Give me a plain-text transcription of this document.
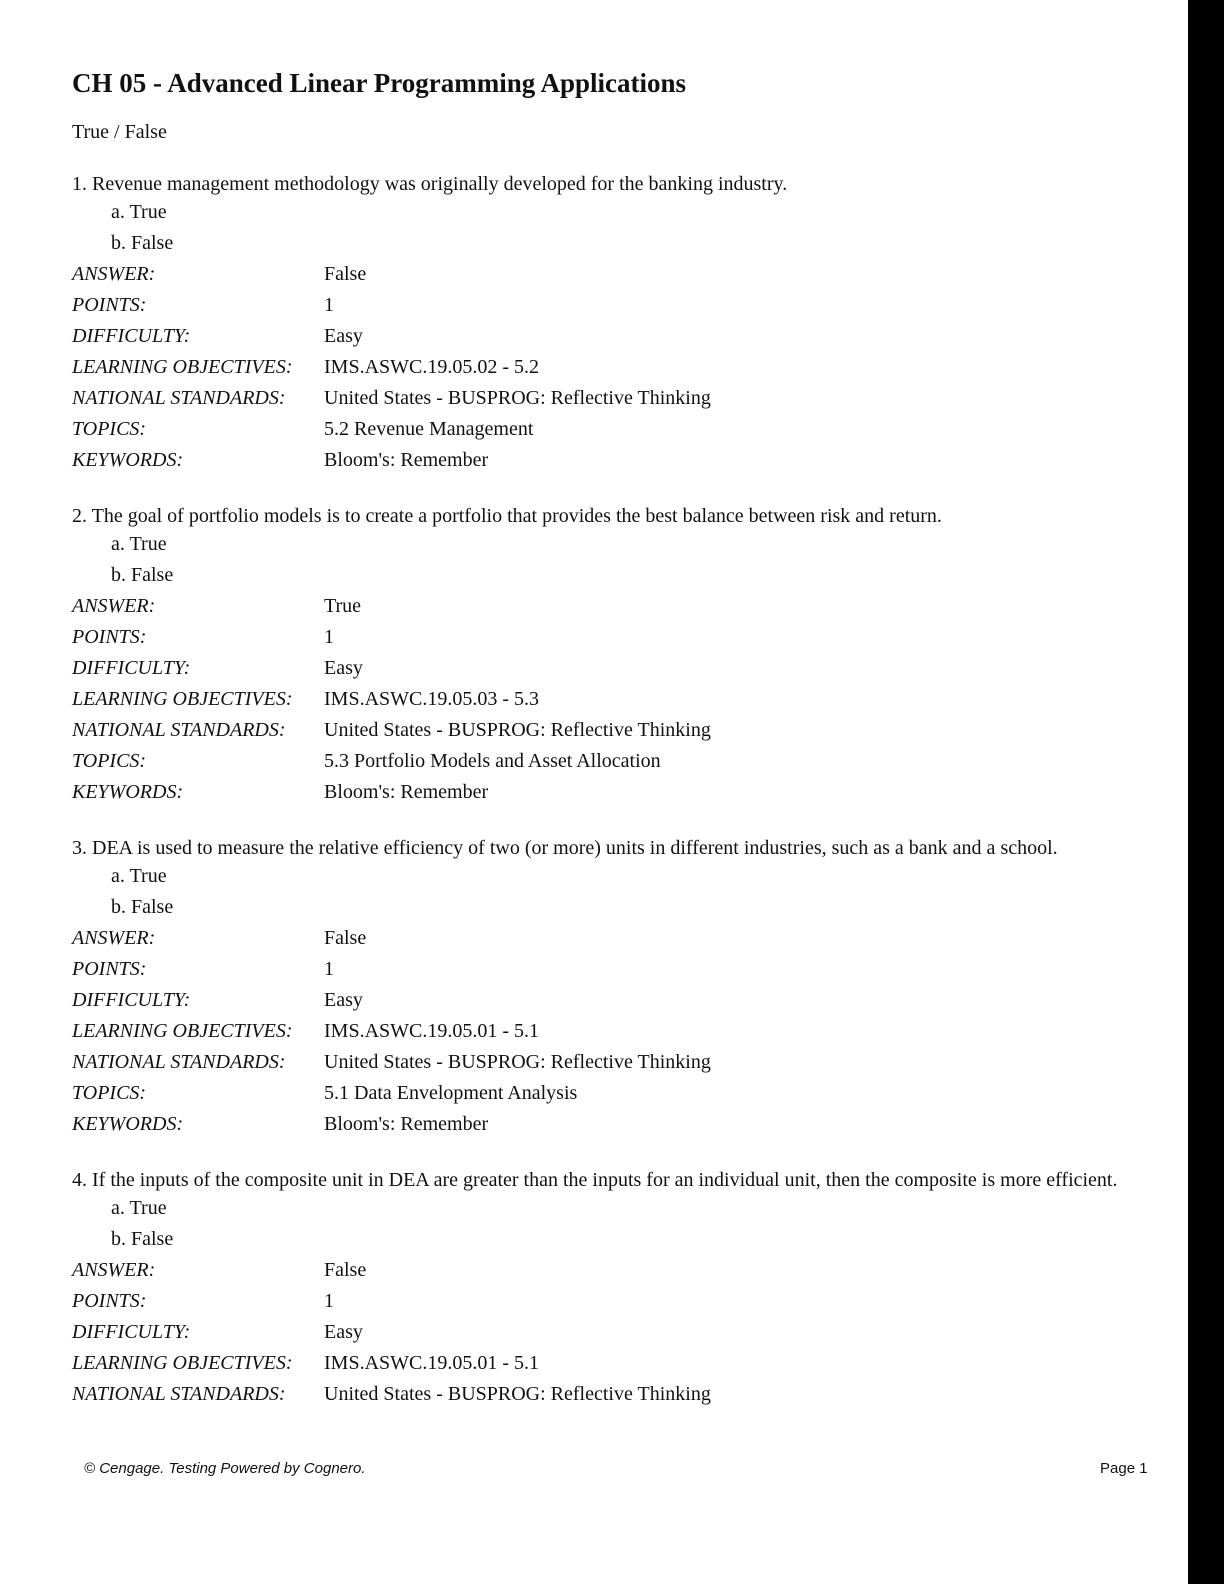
CH 05 - Advanced Linear Programming Applications
True / False
1. Revenue management methodology was originally developed for the banking industry.
a. True
b. False
ANSWER:	False
POINTS:	1
DIFFICULTY:	Easy
LEARNING OBJECTIVES:	IMS.ASWC.19.05.02 - 5.2
NATIONAL STANDARDS:	United States - BUSPROG: Reflective Thinking
TOPICS:	5.2 Revenue Management
KEYWORDS:	Bloom's: Remember
2. The goal of portfolio models is to create a portfolio that provides the best balance between risk and return.
a. True
b. False
ANSWER:	True
POINTS:	1
DIFFICULTY:	Easy
LEARNING OBJECTIVES:	IMS.ASWC.19.05.03 - 5.3
NATIONAL STANDARDS:	United States - BUSPROG: Reflective Thinking
TOPICS:	5.3 Portfolio Models and Asset Allocation
KEYWORDS:	Bloom's: Remember
3. DEA is used to measure the relative efficiency of two (or more) units in different industries, such as a bank and a school.
a. True
b. False
ANSWER:	False
POINTS:	1
DIFFICULTY:	Easy
LEARNING OBJECTIVES:	IMS.ASWC.19.05.01 - 5.1
NATIONAL STANDARDS:	United States - BUSPROG: Reflective Thinking
TOPICS:	5.1 Data Envelopment Analysis
KEYWORDS:	Bloom's: Remember
4. If the inputs of the composite unit in DEA are greater than the inputs for an individual unit, then the composite is more efficient.
a. True
b. False
ANSWER:	False
POINTS:	1
DIFFICULTY:	Easy
LEARNING OBJECTIVES:	IMS.ASWC.19.05.01 - 5.1
NATIONAL STANDARDS:	United States - BUSPROG: Reflective Thinking
© Cengage. Testing Powered by Cognero.	Page 1
